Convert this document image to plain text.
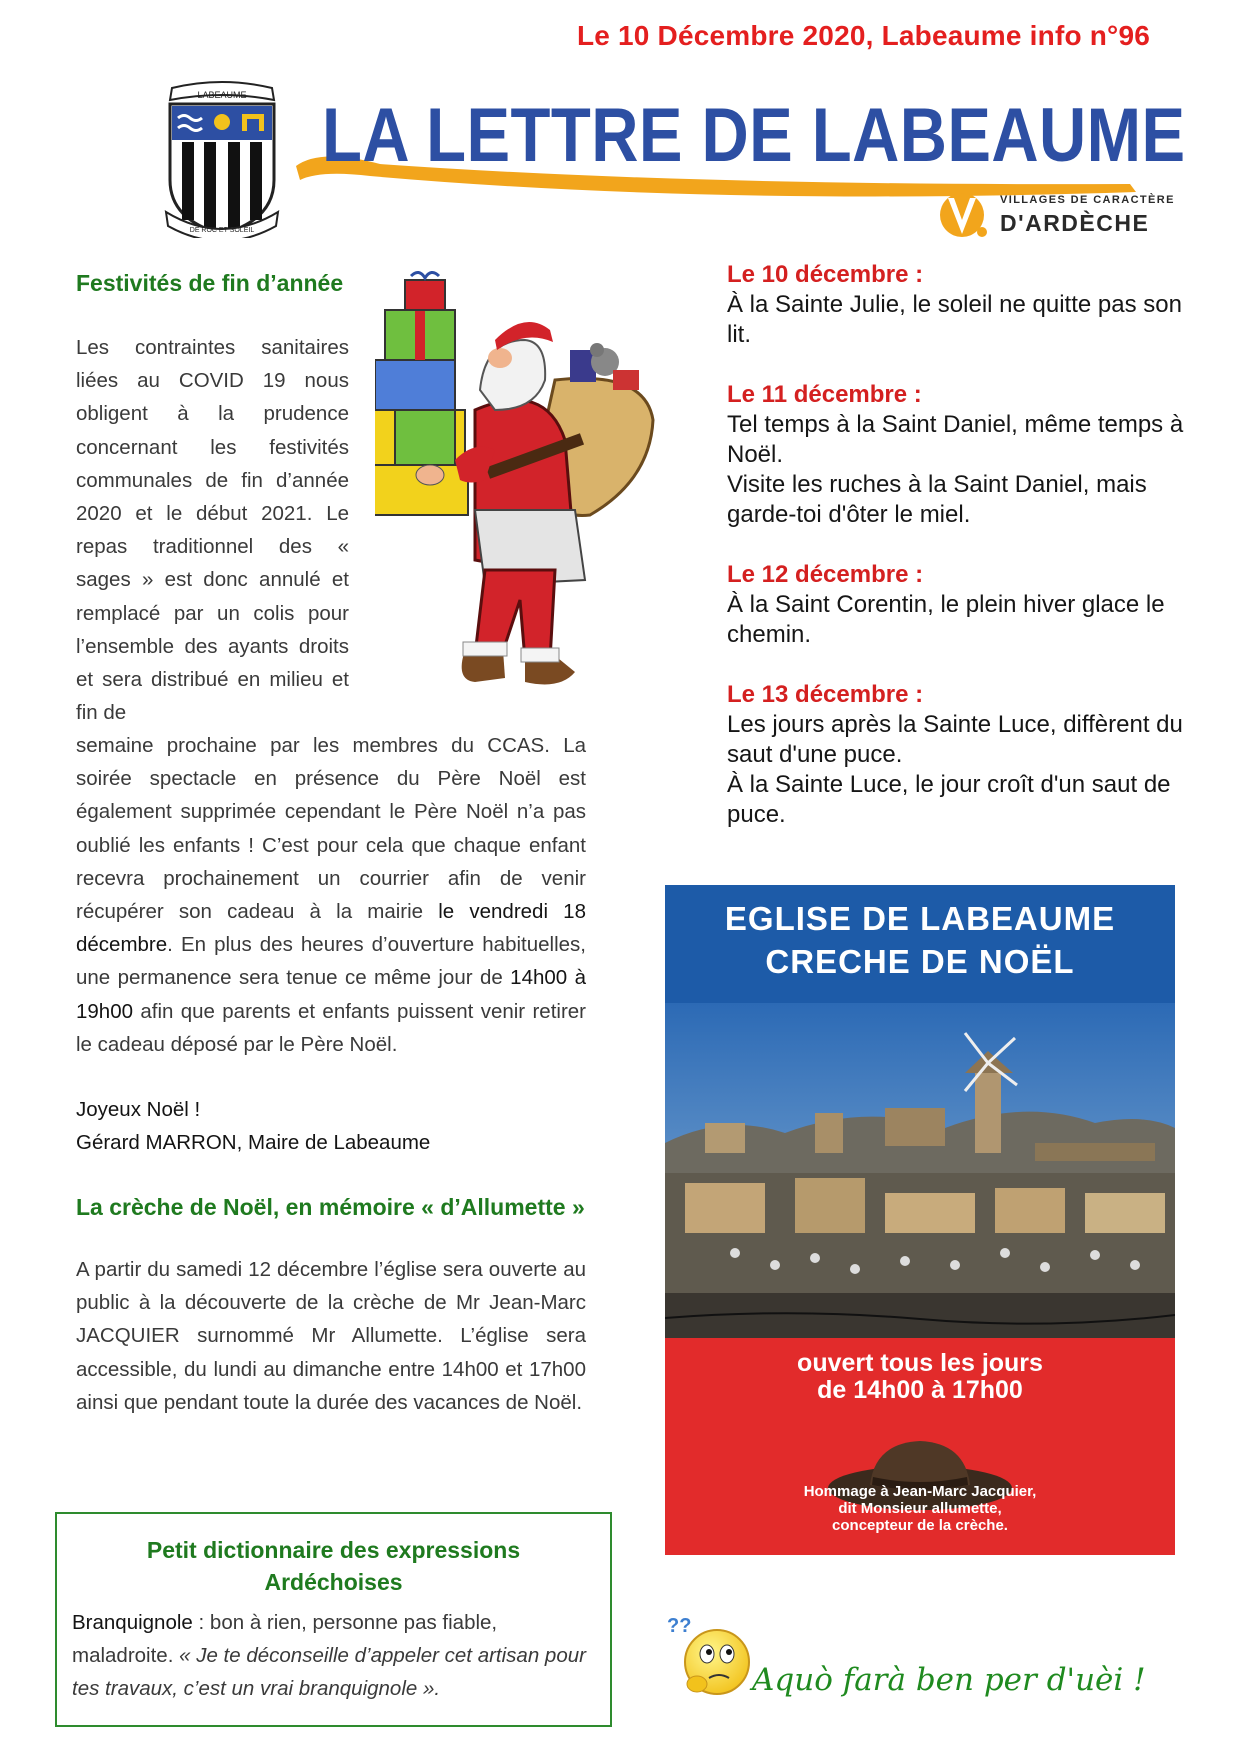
Le 10 Décembre 2020, Labeaume info n°96
LABEAUME
DE ROC ET SOLEIL
LA LETTRE DE LABEAUME
VILLAGES DE CARACTÈRE
D'ARDÈCHE
Festivités de fin d’année
Les contraintes sanitaires liées au COVID 19 nous obligent à la prudence concernant les festivités communales de fin d’année 2020 et le début 2021. Le repas traditionnel des « sages » est donc annulé et remplacé par un colis pour l’ensemble des ayants droits et sera distribué en milieu et fin de
semaine prochaine par les membres du CCAS. La soirée spectacle en présence du Père Noël est également supprimée cependant le Père Noël n’a pas oublié les enfants ! C’est pour cela que chaque enfant recevra prochainement un courrier afin de venir récupérer son cadeau à la mairie le vendredi 18 décembre. En plus des heures d’ouverture habituelles, une permanence sera tenue ce même jour de 14h00 à 19h00 afin que parents et enfants puissent venir retirer le cadeau déposé par le Père Noël.
Joyeux Noël !
Gérard MARRON, Maire de Labeaume
La crèche de Noël, en mémoire « d’Allumette »
A partir du samedi 12 décembre l’église sera ouverte au public à la découverte de la crèche de Mr Jean-Marc JACQUIER surnommé Mr Allumette. L’église sera accessible, du lundi au dimanche entre 14h00 et 17h00 ainsi que pendant toute la durée des vacances de Noël.
Le 10 décembre :
À la Sainte Julie, le soleil ne quitte pas son lit.
Le 11 décembre :
Tel temps à la Saint Daniel, même temps à Noël.
Visite les ruches à la Saint Daniel, mais garde-toi d'ôter le miel.
Le 12 décembre :
À la Saint Corentin, le plein hiver glace le chemin.
Le 13 décembre :
Les jours après la Sainte Luce, diffèrent du saut d'une puce.
À la Sainte Luce, le jour croît d'un saut de puce.
EGLISE DE LABEAUME
CRECHE DE NOËL
ouvert tous les jours
de 14h00 à 17h00
Hommage à Jean-Marc Jacquier,
dit Monsieur allumette,
concepteur de la crèche.
Petit dictionnaire des expressions
Ardéchoises
Branquignole : bon à rien, personne pas fiable, maladroite. « Je te déconseille d’appeler cet artisan pour tes travaux, c’est un vrai branquignole ».
??
Aquò farà ben per d'uèi !
